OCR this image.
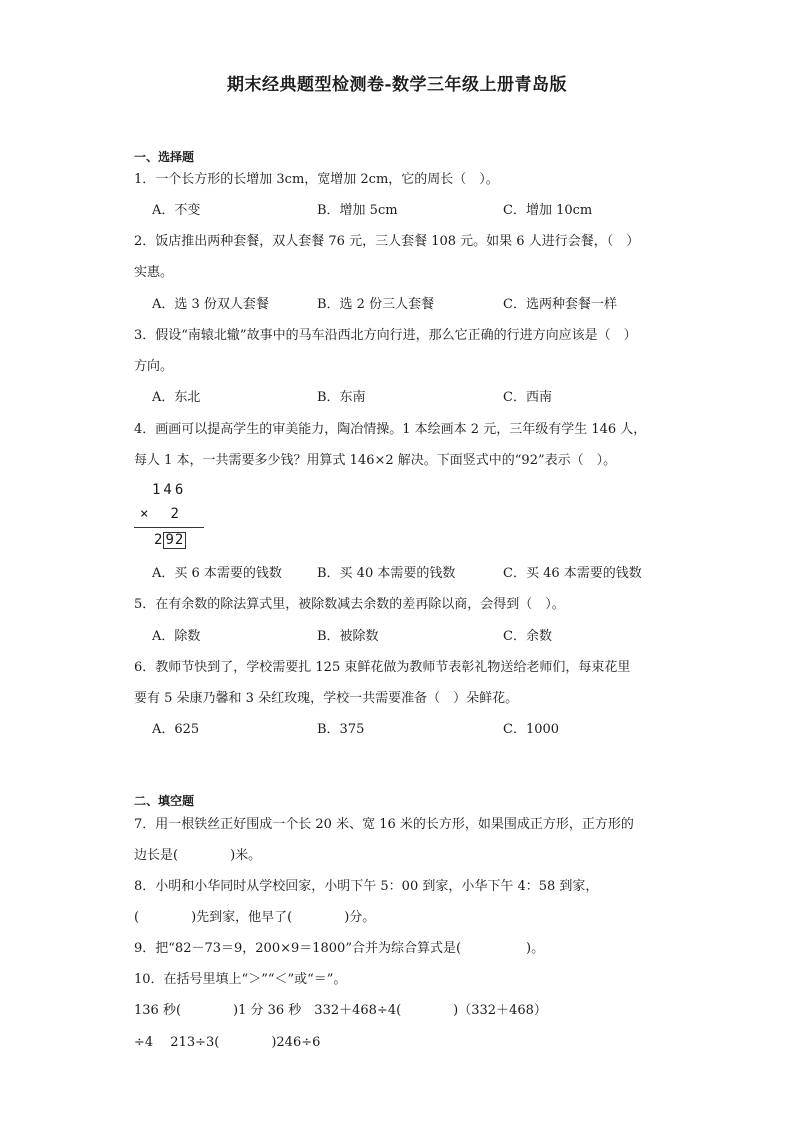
期末经典题型检测卷-数学三年级上册青岛版
一、选择题
1．一个长方形的长增加 3cm，宽增加 2cm，它的周长（　）。
A．不变	B．增加 5cm	C．增加 10cm
2．饭店推出两种套餐，双人套餐 76 元，三人套餐 108 元。如果 6 人进行会餐，（　）
实惠。
A．选 3 份双人套餐	B．选 2 份三人套餐	C．选两种套餐一样
3．假设“南辕北辙”故事中的马车沿西北方向行进，那么它正确的行进方向应该是（　）
方向。
A．东北	B．东南	C．西南
4．画画可以提高学生的审美能力，陶冶情操。1 本绘画本 2 元，三年级有学生 146 人，
每人 1 本，一共需要多少钱？用算式 146×2 解决。下面竖式中的“92”表示（　）。
146
× 2
2 92
A．买 6 本需要的钱数	B．买 40 本需要的钱数	C．买 46 本需要的钱数
5．在有余数的除法算式里，被除数减去余数的差再除以商，会得到（　）。
A．除数	B．被除数	C．余数
6．教师节快到了，学校需要扎 125 束鲜花做为教师节表彰礼物送给老师们，每束花里
要有 5 朵康乃馨和 3 朵红玫瑰，学校一共需要准备（　）朵鲜花。
A．625	B．375	C．1000
二、填空题
7．用一根铁丝正好围成一个长 20 米、宽 16 米的长方形，如果围成正方形，正方形的
边长是(　　　　)米。
8．小明和小华同时从学校回家，小明下午 5：00 到家，小华下午 4：58 到家，
(　　　　)先到家，他早了(　　　　)分。
9．把“82－73＝9，200×9＝1800”合并为综合算式是(　　　　　)。
10．在括号里填上“＞”“＜”或“＝”。
136 秒(　　　　)1 分 36 秒　332＋468÷4(　　　　)（332＋468）
÷4　 213÷3(　　　　)246÷6
